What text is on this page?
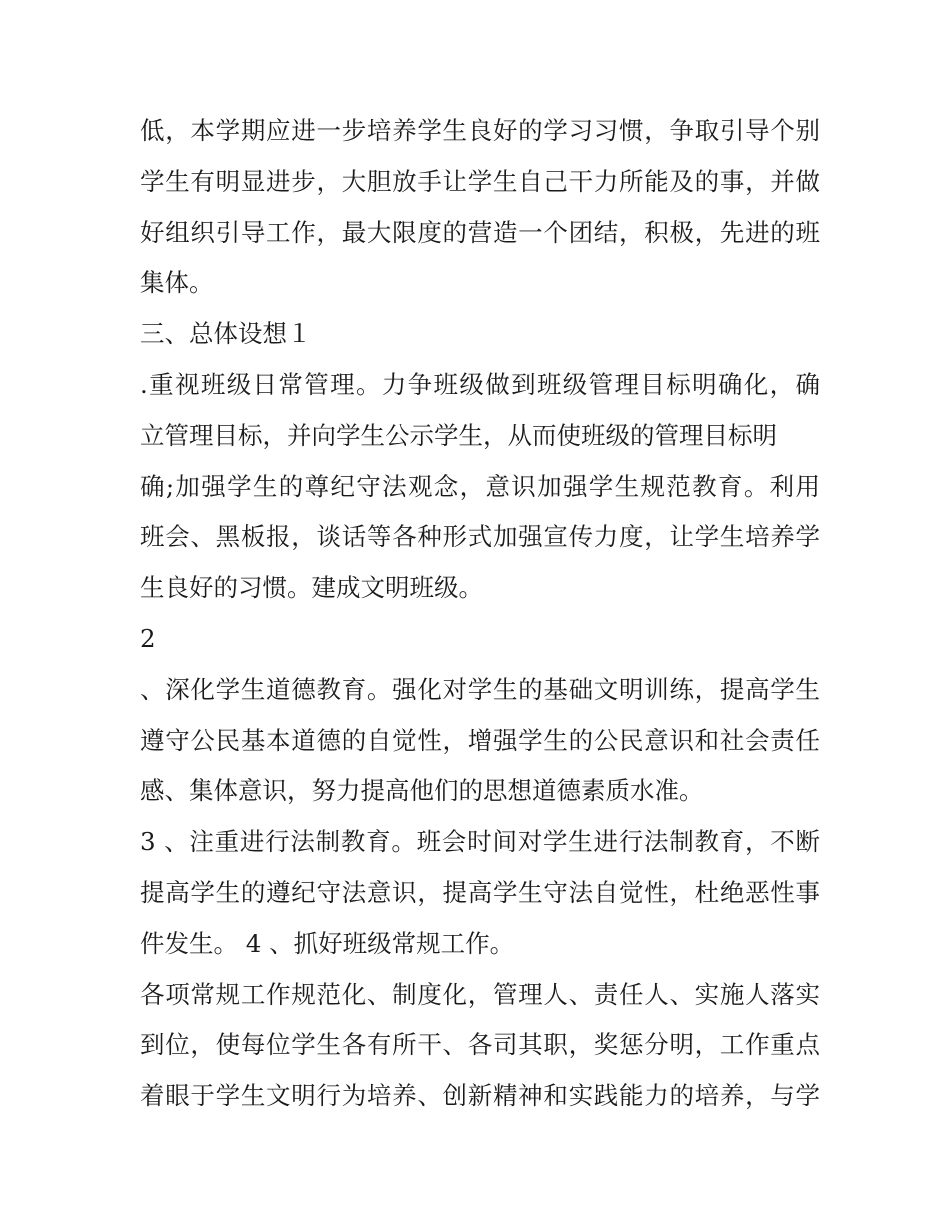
低，本学期应进一步培养学生良好的学习习惯，争取引导个别
学生有明显进步，大胆放手让学生自己干力所能及的事，并做
好组织引导工作，最大限度的营造一个团结，积极，先进的班
集体。
三、总体设想１
.重视班级日常管理。力争班级做到班级管理目标明确化，确
立管理目标，并向学生公示学生，从而使班级的管理目标明
确;加强学生的尊纪守法观念，意识加强学生规范教育。利用
班会、黑板报，谈话等各种形式加强宣传力度，让学生培养学
生良好的习惯。建成文明班级。
2
、深化学生道德教育。强化对学生的基础文明训练，提高学生
遵守公民基本道德的自觉性，增强学生的公民意识和社会责任
感、集体意识，努力提高他们的思想道德素质水准。
3 、注重进行法制教育。班会时间对学生进行法制教育，不断
提高学生的遵纪守法意识，提高学生守法自觉性，杜绝恶性事
件发生。 4 、抓好班级常规工作。
各项常规工作规范化、制度化，管理人、责任人、实施人落实
到位，使每位学生各有所干、各司其职，奖惩分明，工作重点
着眼于学生文明行为培养、创新精神和实践能力的培养，与学
